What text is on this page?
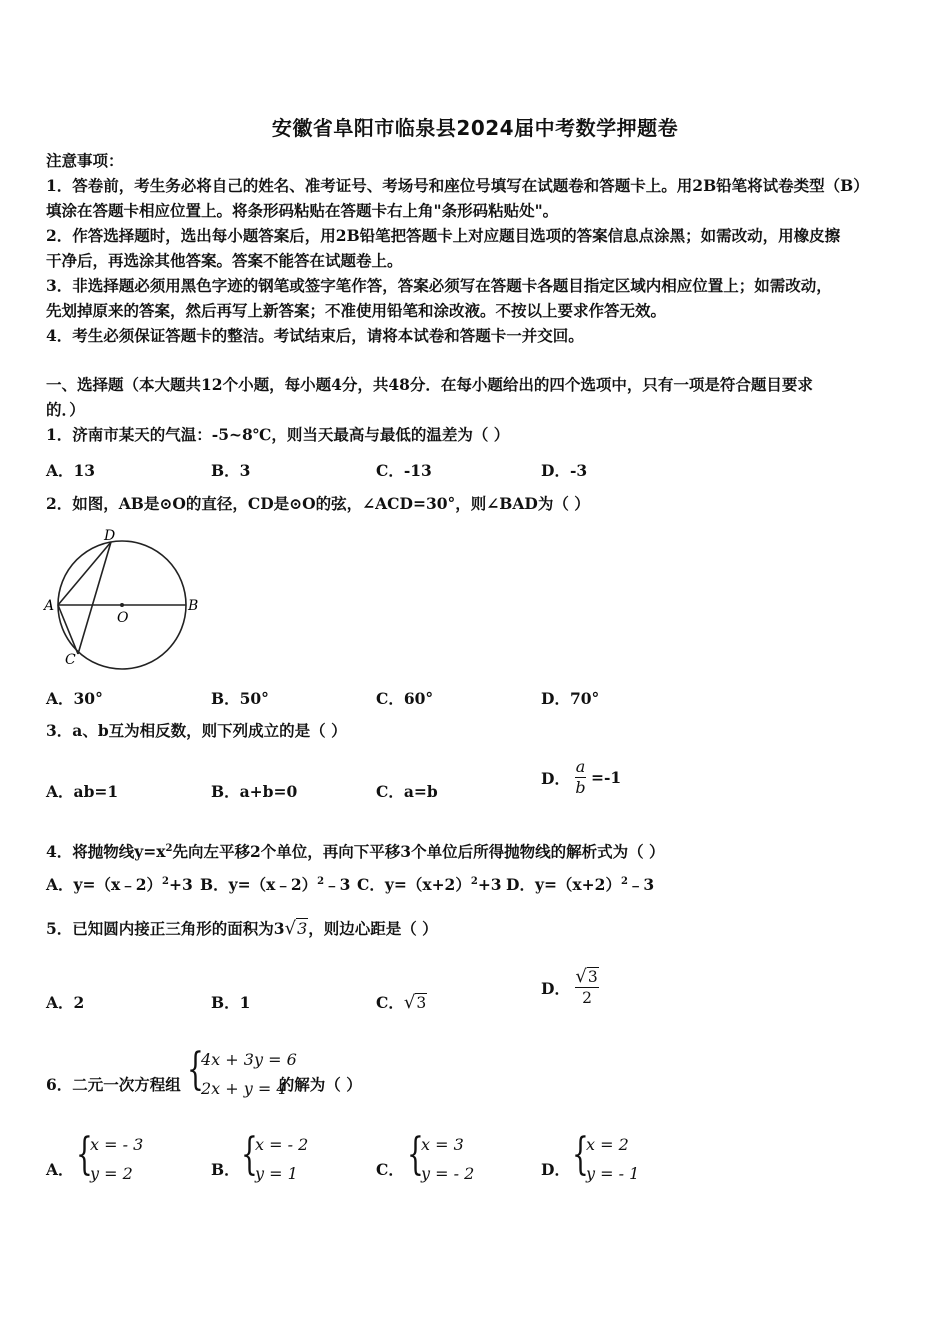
安徽省阜阳市临泉县2024届中考数学押题卷
注意事项：
1．答卷前，考生务必将自己的姓名、准考证号、考场号和座位号填写在试题卷和答题卡上。用2B铅笔将试卷类型（B）
填涂在答题卡相应位置上。将条形码粘贴在答题卡右上角"条形码粘贴处"。
2．作答选择题时，选出每小题答案后，用2B铅笔把答题卡上对应题目选项的答案信息点涂黑；如需改动，用橡皮擦
干净后，再选涂其他答案。答案不能答在试题卷上。
3．非选择题必须用黑色字迹的钢笔或签字笔作答，答案必须写在答题卡各题目指定区域内相应位置上；如需改动，
先划掉原来的答案，然后再写上新答案；不准使用铅笔和涂改液。不按以上要求作答无效。
4．考生必须保证答题卡的整洁。考试结束后，请将本试卷和答题卡一并交回。
一、选择题（本大题共12个小题，每小题4分，共48分．在每小题给出的四个选项中，只有一项是符合题目要求
的．）
1．济南市某天的气温：-5~8℃，则当天最高与最低的温差为（ ）
A．13	B．3	C．-13	D．-3
2．如图，AB是⊙O的直径，CD是⊙O的弦，∠ACD=30°，则∠BAD为（ ）
D
A	B
O
C
A．30°	B．50°	C．60°	D．70°
3．a、b互为相反数，则下列成立的是（ ）
A．ab=1	B．a+b=0	C．a=b
D． $\frac{a}{b} =-1$
4．将抛物线$y=x^2$先向左平移2个单位，再向下平移3个单位后所得抛物线的解析式为（ ）
A．y=（x﹣2）$^2$+3 B．y=（x﹣2）$^2$﹣3 C．$y=(x+2)^2+3$ D．$y=(x+2)^2﹣3$
5．已知圆内接正三角形的面积为3√3，则边心距是（ ）
A．2	B．1	C．√3
D． $\frac{√3}{2}$
6．二元一次方程组	的解为（ ）
{
4x + 3y = 6
2x + y = 4
A． {
x = - 3
y = 2	B． {
x = - 2
y = 1	C． {
x = 3
y = - 2	D． {
x = 2
y = - 1
